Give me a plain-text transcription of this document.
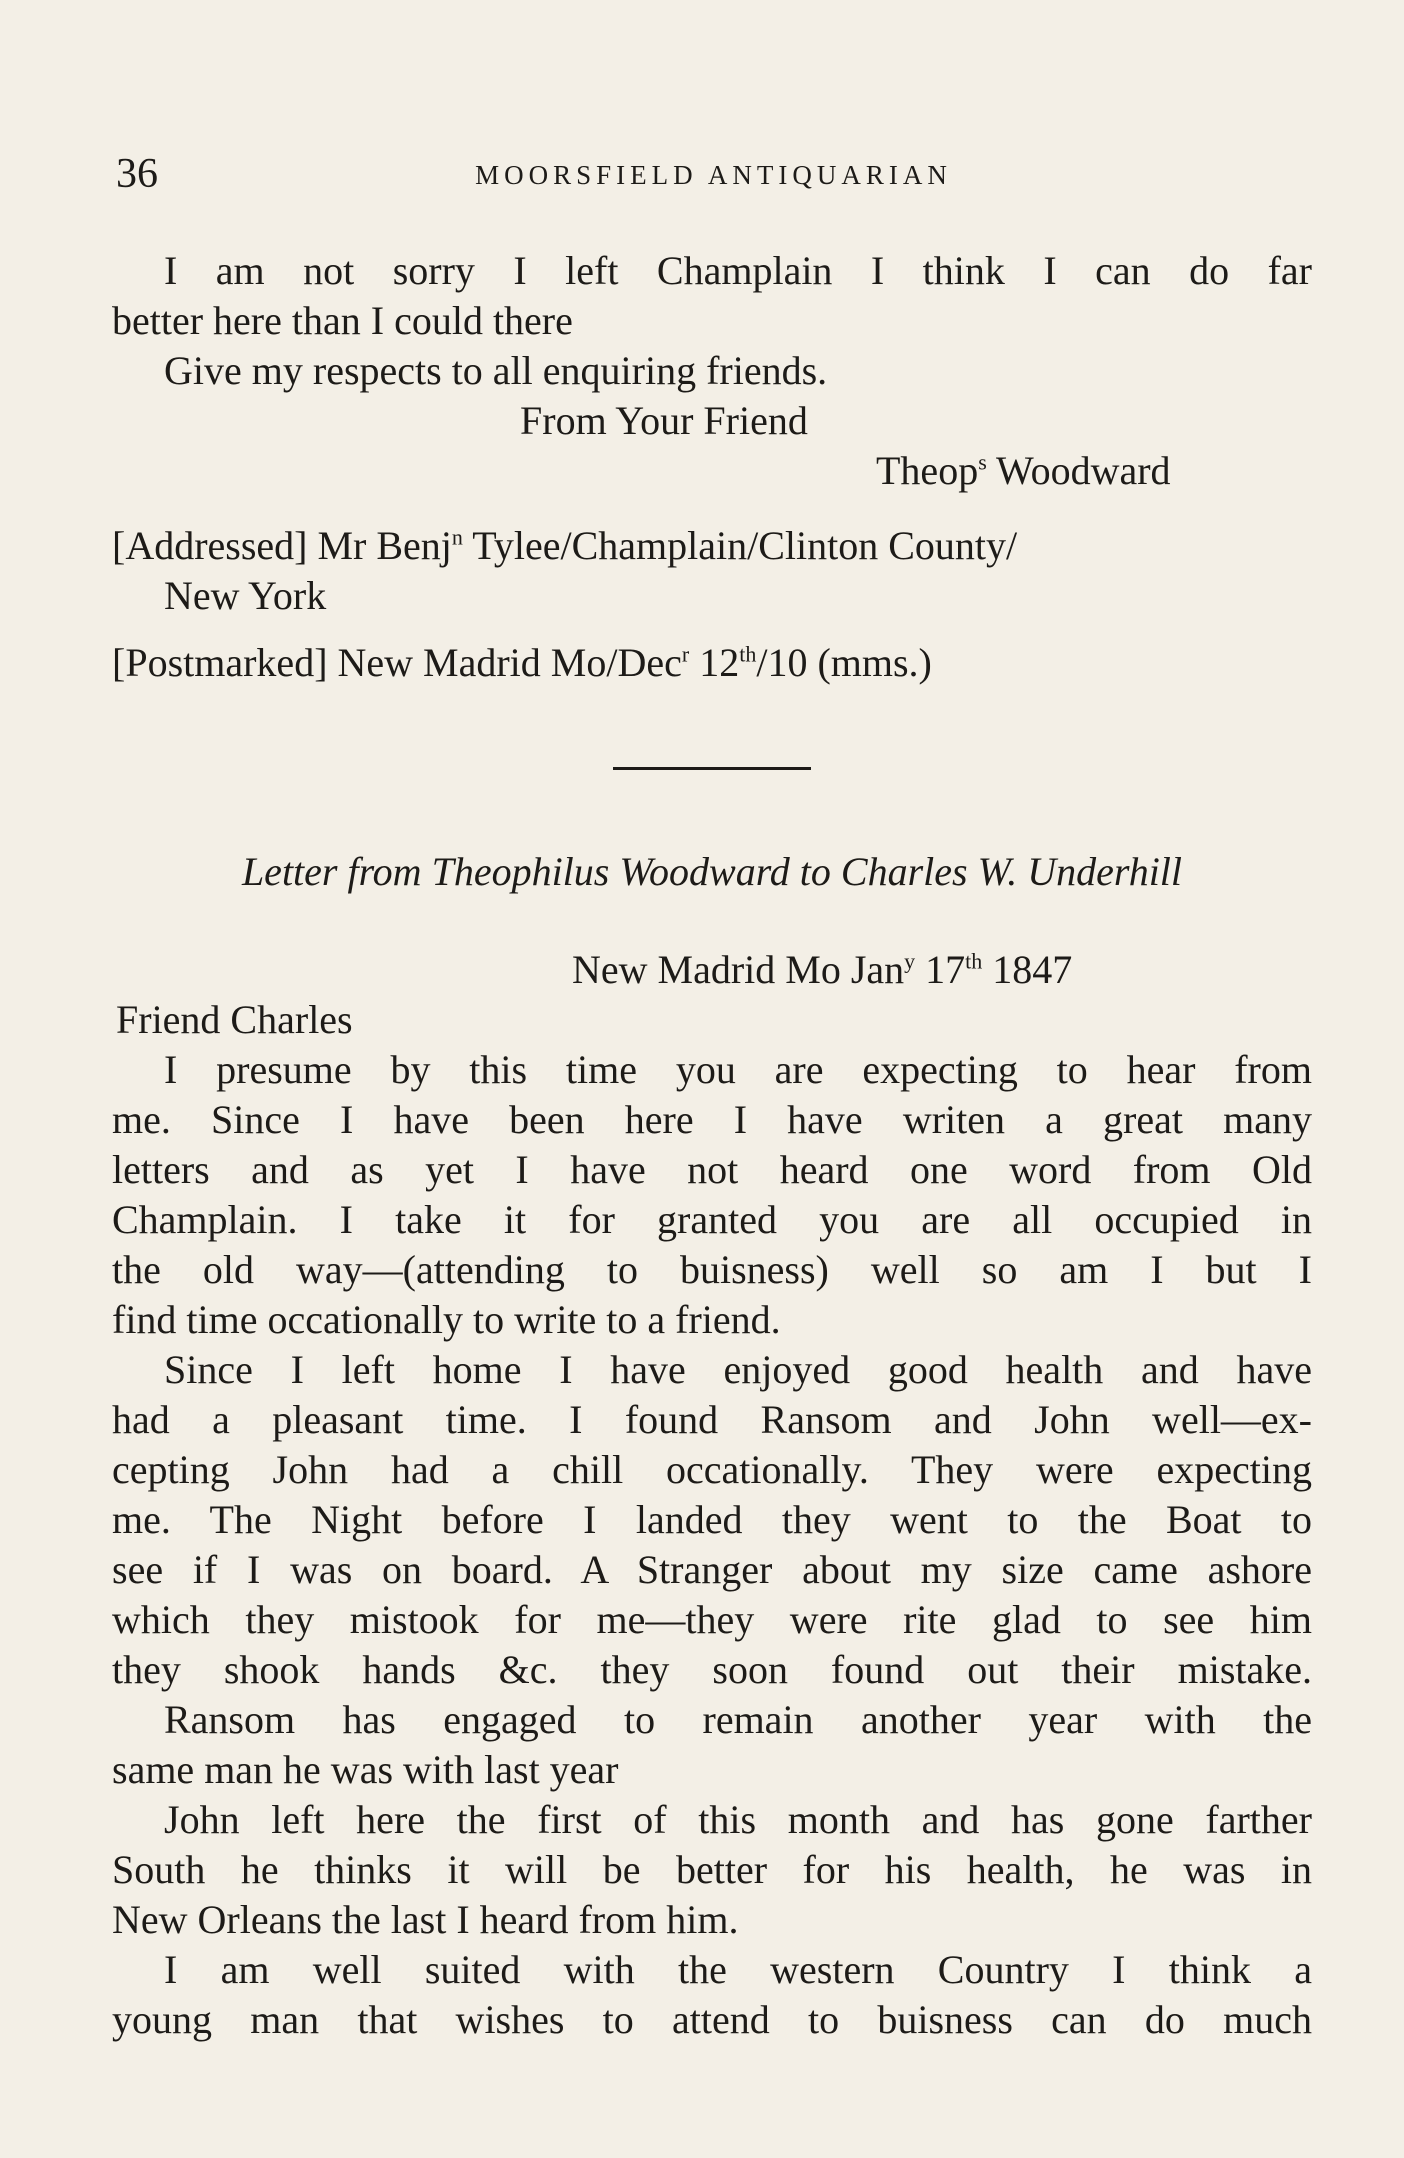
36	MOORSFIELD ANTIQUARIAN
I am not sorry I left Champlain I think I can do far
better here than I could there
Give my respects to all enquiring friends.
From Your Friend
Theop$^s$ Woodward
[Addressed] Mr Benj$^n$ Tylee/Champlain/Clinton County/
New York
[Postmarked] New Madrid Mo/Dec$^r$ 12th/10 (mms.)
Letter from Theophilus Woodward to Charles W. Underhill
New Madrid Mo Jan$^y$ 17th 1847
Friend Charles
I presume by this time you are expecting to hear from
me. Since I have been here I have writen a great many
letters and as yet I have not heard one word from Old
Champlain. I take it for granted you are all occupied in
the old way—(attending to buisness) well so am I but I
find time occationally to write to a friend.
Since I left home I have enjoyed good health and have
had a pleasant time. I found Ransom and John well—ex-
cepting John had a chill occationally. They were expecting
me. The Night before I landed they went to the Boat to
see if I was on board. A Stranger about my size came ashore
which they mistook for me—they were rite glad to see him
they shook hands &c. they soon found out their mistake.
Ransom has engaged to remain another year with the
same man he was with last year
John left here the first of this month and has gone farther
South he thinks it will be better for his health, he was in
New Orleans the last I heard from him.
I am well suited with the western Country I think a
young man that wishes to attend to buisness can do much
